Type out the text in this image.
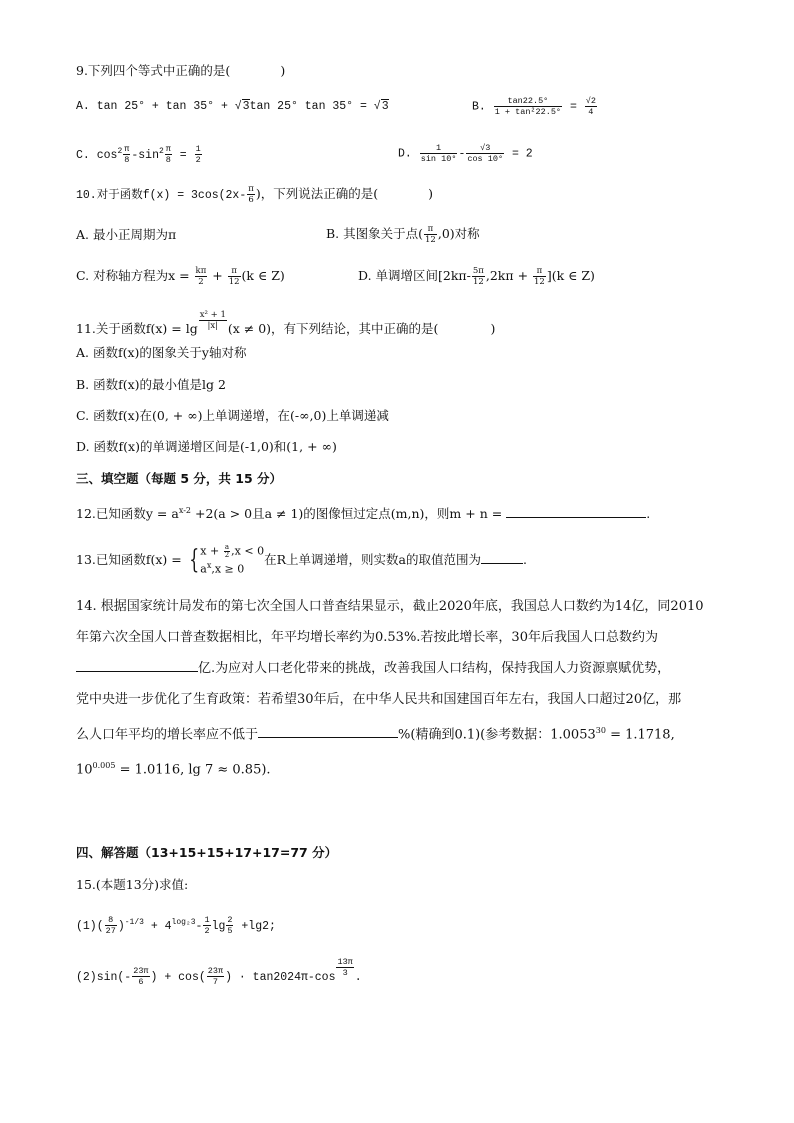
9.下列四个等式中正确的是(	)
A. tan 25° + tan 35° + √3tan 25° tan 35° = √3	B. $\frac{\tan 22.5^\circ}{\text{1 + tan²22.5°}} = \frac{√2}{4}$
C. $\cos^2 \frac{\pi}{8} -\sin^2 \frac{\pi}{8} = \frac{1}{2}$	D. $\frac{1}{\sin 10^\circ} - \frac{√3}{\cos 10^\circ} = 2$
10.对于函数$f(x) = 3\cos(2x- \frac{\pi}{6}$ )，下列说法正确的是(	)
A. 最小正周期为π	B. 其图象关于点( $\frac{\pi}{12} ,0$)对称
C. 对称轴方程为$x = \frac{k\pi}{2} + \frac{\pi}{12} (k$ ∈ Z)	D. 单调增区间$[2k\pi- \frac{5\pi}{12} ,2k\pi + \frac{\pi}{12} ](k$ ∈ Z)
11.关于函数$f(x) = \lg \frac{\text{x² + 1}}{|x|} (x \ne 0)$，有下列结论，其中正确的是(	)
A. 函数f(x)的图象关于y轴对称
B. 函数f(x)的最小值是lg 2
C. 函数f(x)在(0, + ∞)上单调递增，在(-∞,0)上单调递减
D. 函数f(x)的单调递增区间是(-1,0)和(1, + ∞)
三、填空题（每题 5 分，共 15 分）
12.已知函数$y = a^{x-2} +2(a > 0$且a ≠ 1)的图像恒过定点(m,n)，则m + n =	.
13.已知函数f(x) = { $x + \frac{a}{2} ,x < 0$
$a^x,x \ge 0$
在R上单调递增，则实数a的取值范围为	.
14. 根据国家统计局发布的第七次全国人口普查结果显示，截止2020年底，我国总人口数约为14亿，同2010
年第六次全国人口普查数据相比，年平均增长率约为0.53%.若按此增长率，30年后我国人口总数约为
亿.为应对人口老化带来的挑战，改善我国人口结构，保持我国人力资源禀赋优势，
党中央进一步优化了生育政策：若希望30年后，在中华人民共和国建国百年左右，我国人口超过20亿，那
么人口年平均的增长率应不低于	%(精确到0.1)(参考数据：$1.0053^{30} = 1.1718$,
$10^{0.005} = 1.0116$, lg 7 ≈ 0.85).
四、解答题（13+15+15+17+17=77 分）
15.(本题13分)求值:
$(1)( \frac{8}{27} )^{-1/3} + 4^{log_23}- \frac{1}{2}$ $\lg \frac{2}{5} +\lg 2$;
$(2)\sin(- \frac{23\pi}{6}$ ) + $\cos( \frac{23\pi}{7}$ ) · tan2024π-cos $^{\frac{13\pi}{3}}$ .
